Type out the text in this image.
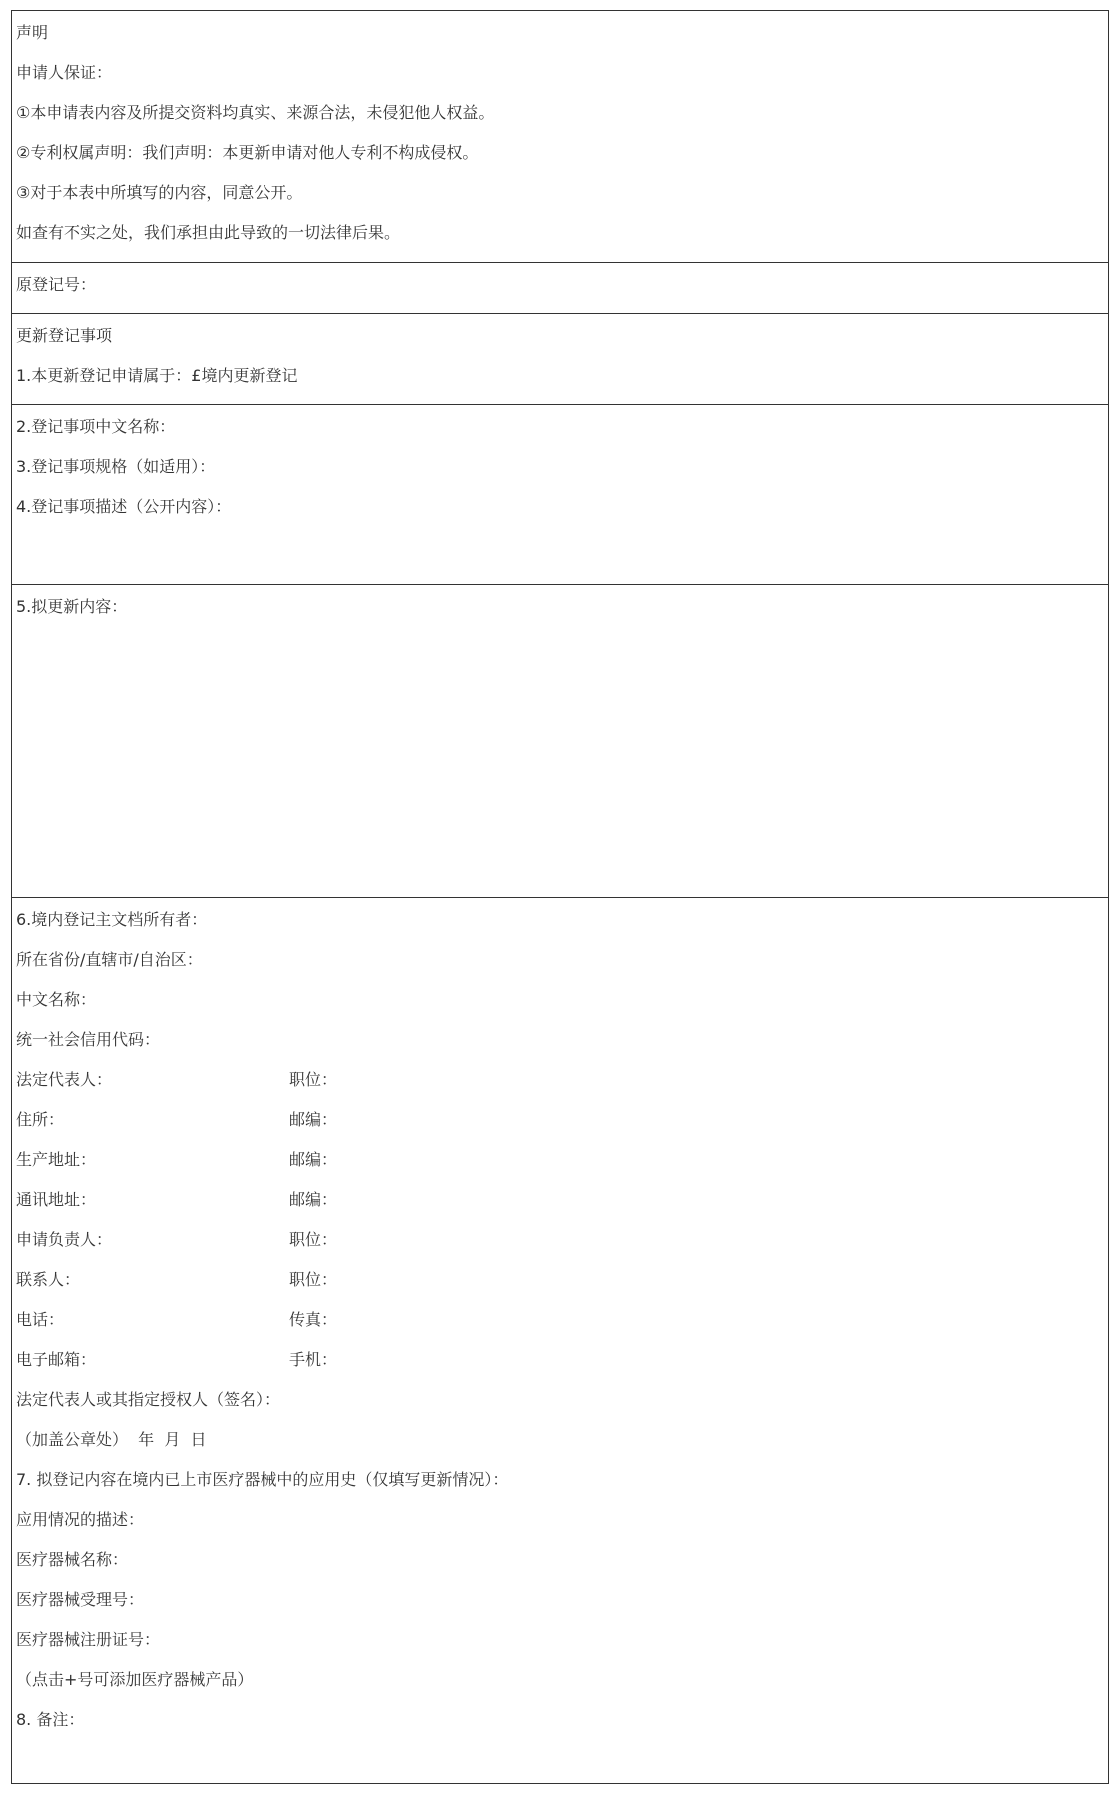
声明
申请人保证：
①本申请表内容及所提交资料均真实、来源合法，未侵犯他人权益。
②专利权属声明：我们声明：本更新申请对他人专利不构成侵权。
③对于本表中所填写的内容，同意公开。
如查有不实之处，我们承担由此导致的一切法律后果。
原登记号：
更新登记事项
1.本更新登记申请属于：£境内更新登记
2.登记事项中文名称：
3.登记事项规格（如适用）：
4.登记事项描述（公开内容）：
5.拟更新内容：
6.境内登记主文档所有者：
所在省份/直辖市/自治区：
中文名称：
统一社会信用代码：
法定代表人：	职位：
住所：	邮编：
生产地址：	邮编：
通讯地址：	邮编：
申请负责人：	职位：
联系人：	职位：
电话：	传真：
电子邮箱：	手机：
法定代表人或其指定授权人（签名）：
（加盖公章处）  年  月  日
7. 拟登记内容在境内已上市医疗器械中的应用史（仅填写更新情况）：
应用情况的描述：
医疗器械名称：
医疗器械受理号：
医疗器械注册证号：
（点击+号可添加医疗器械产品）
8. 备注：
